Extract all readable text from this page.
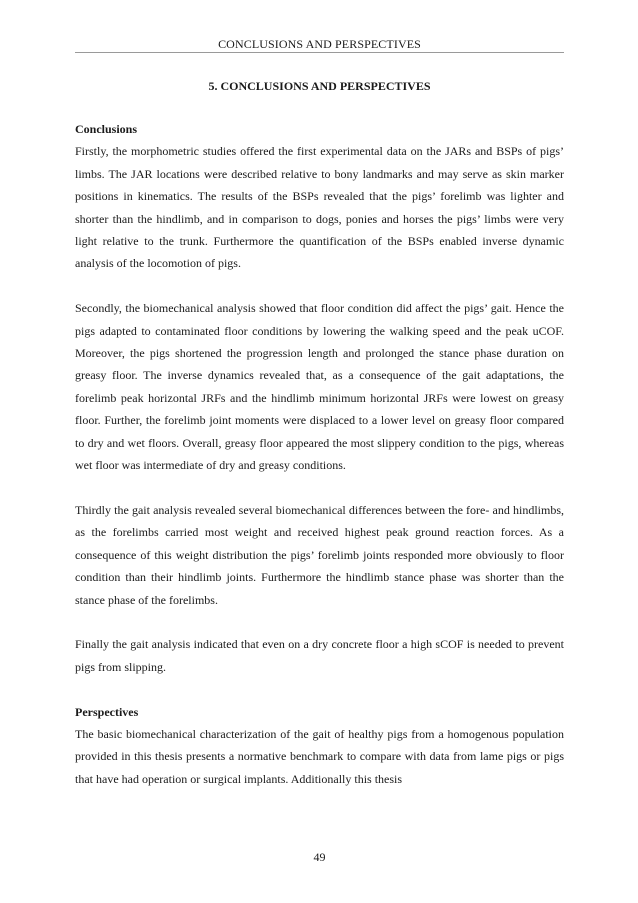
CONCLUSIONS AND PERSPECTIVES
5. CONCLUSIONS AND PERSPECTIVES

Conclusions

Firstly, the morphometric studies offered the first experimental data on the JARs and BSPs of pigs’ limbs. The JAR locations were described relative to bony landmarks and may serve as skin marker positions in kinematics. The results of the BSPs revealed that the pigs’ forelimb was lighter and shorter than the hindlimb, and in comparison to dogs, ponies and horses the pigs’ limbs were very light relative to the trunk. Furthermore the quantification of the BSPs enabled inverse dynamic analysis of the locomotion of pigs.

Secondly, the biomechanical analysis showed that floor condition did affect the pigs’ gait. Hence the pigs adapted to contaminated floor conditions by lowering the walking speed and the peak uCOF. Moreover, the pigs shortened the progression length and prolonged the stance phase duration on greasy floor. The inverse dynamics revealed that, as a consequence of the gait adaptations, the forelimb peak horizontal JRFs and the hindlimb minimum horizontal JRFs were lowest on greasy floor. Further, the forelimb joint moments were displaced to a lower level on greasy floor compared to dry and wet floors. Overall, greasy floor appeared the most slippery condition to the pigs, whereas wet floor was intermediate of dry and greasy conditions.

Thirdly the gait analysis revealed several biomechanical differences between the fore- and hindlimbs, as the forelimbs carried most weight and received highest peak ground reaction forces. As a consequence of this weight distribution the pigs’ forelimb joints responded more obviously to floor condition than their hindlimb joints. Furthermore the hindlimb stance phase was shorter than the stance phase of the forelimbs.

Finally the gait analysis indicated that even on a dry concrete floor a high sCOF is needed to prevent pigs from slipping.

Perspectives

The basic biomechanical characterization of the gait of healthy pigs from a homogenous population provided in this thesis presents a normative benchmark to compare with data from lame pigs or pigs that have had operation or surgical implants. Additionally this thesis

49
